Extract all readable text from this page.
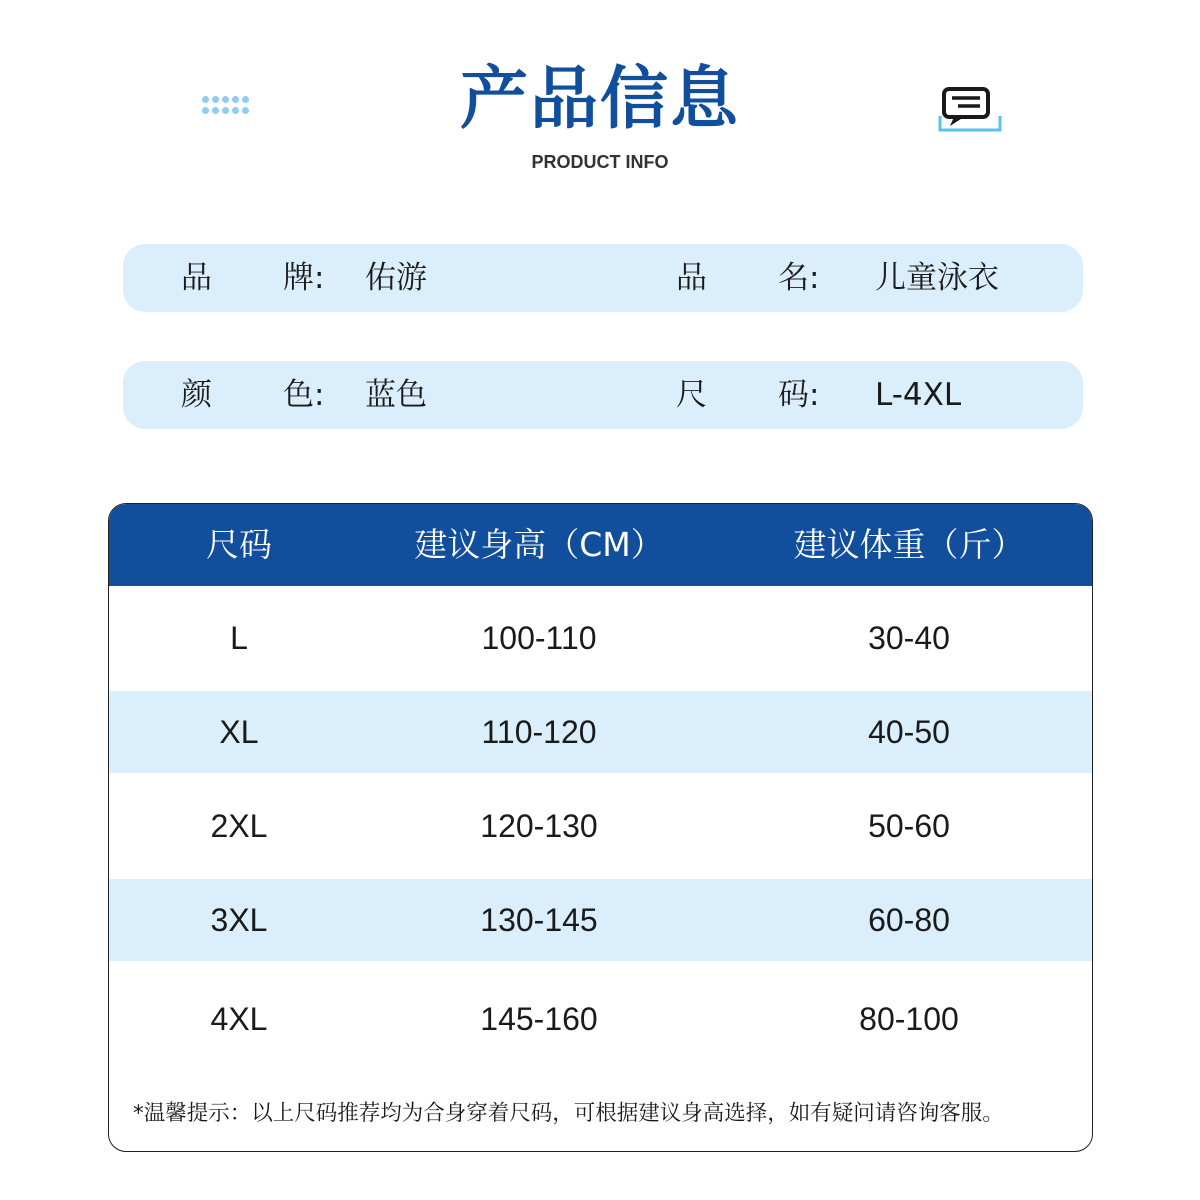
产品信息
PRODUCT INFO
品 牌: 佑游	品 名: 儿童泳衣
颜 色: 蓝色	尺 码: L-4XL
尺码	建议身高（CM）	建议体重（斤）
L	100-110	30-40
XL	110-120	40-50
2XL	120-130	50-60
3XL	130-145	60-80
4XL	145-160	80-100
*温馨提示：以上尺码推荐均为合身穿着尺码，可根据建议身高选择，如有疑问请咨询客服。
